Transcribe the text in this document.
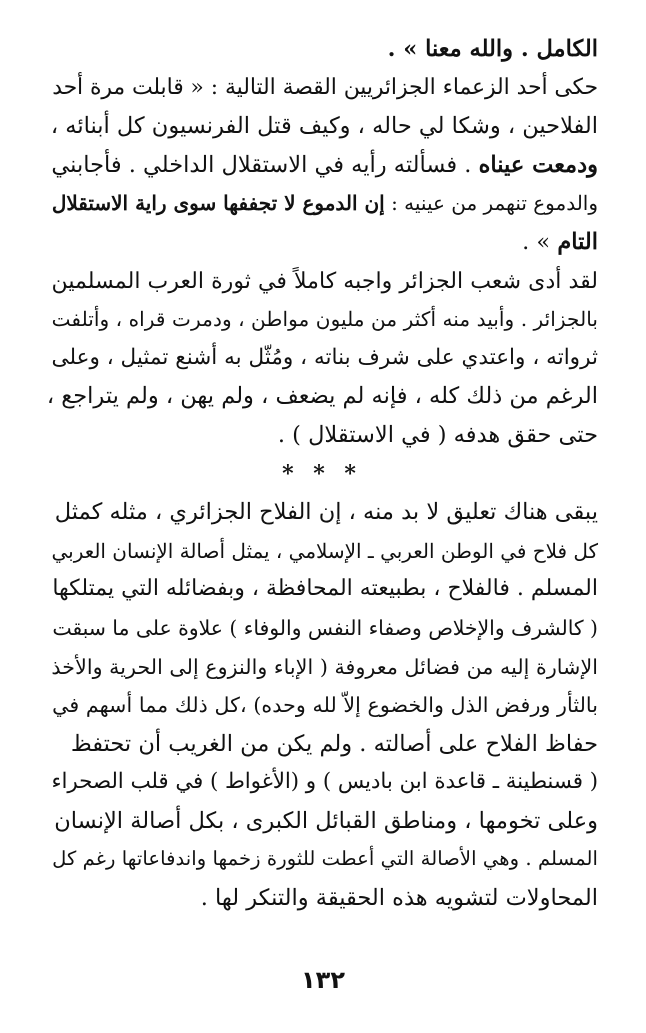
الكامل . والله معنا » .

حكى أحد الزعماء الجزائريين القصة التالية : « قابلت مرة أحد
الفلاحين ، وشكا لي حاله ، وكيف قتل الفرنسيون كل أبنائه ،
ودمعت عيناه . فسألته رأيه في الاستقلال الداخلي . فأجابني
والدموع تنهمر من عينيه : إن الدموع لا تجففها سوى راية الاستقلال
التام » .

لقد أدى شعب الجزائر واجبه كاملاً في ثورة العرب المسلمين
بالجزائر . وأبيد منه أكثر من مليون مواطن ، ودمرت قراه ، وأتلفت
ثرواته ، واعتدي على شرف بناته ، ومُثّل به أشنع تمثيل ، وعلى
الرغم من ذلك كله ، فإنه لم يضعف ، ولم يهن ، ولم يتراجع ،
حتى حقق هدفه ( في الاستقلال ) .

* * *

يبقى هناك تعليق لا بد منه ، إن الفلاح الجزائري ، مثله كمثل
كل فلاح في الوطن العربي ـ الإسلامي ، يمثل أصالة الإنسان العربي
المسلم . فالفلاح ، بطبيعته المحافظة ، وبفضائله التي يمتلكها
( كالشرف والإخلاص وصفاء النفس والوفاء ) علاوة على ما سبقت
الإشارة إليه من فضائل معروفة ( الإباء والنزوع إلى الحرية والأخذ
بالثأر ورفض الذل والخضوع إلاّ لله وحده) ،كل ذلك مما أسهم في
حفاظ الفلاح على أصالته . ولم يكن من الغريب أن تحتفظ
( قسنطينة ـ قاعدة ابن باديس ) و (الأغواط ) في قلب الصحراء
وعلى تخومها ، ومناطق القبائل الكبرى ، بكل أصالة الإنسان
المسلم . وهي الأصالة التي أعطت للثورة زخمها واندفاعاتها رغم كل
المحاولات لتشويه هذه الحقيقة والتنكر لها .

١٣٢
